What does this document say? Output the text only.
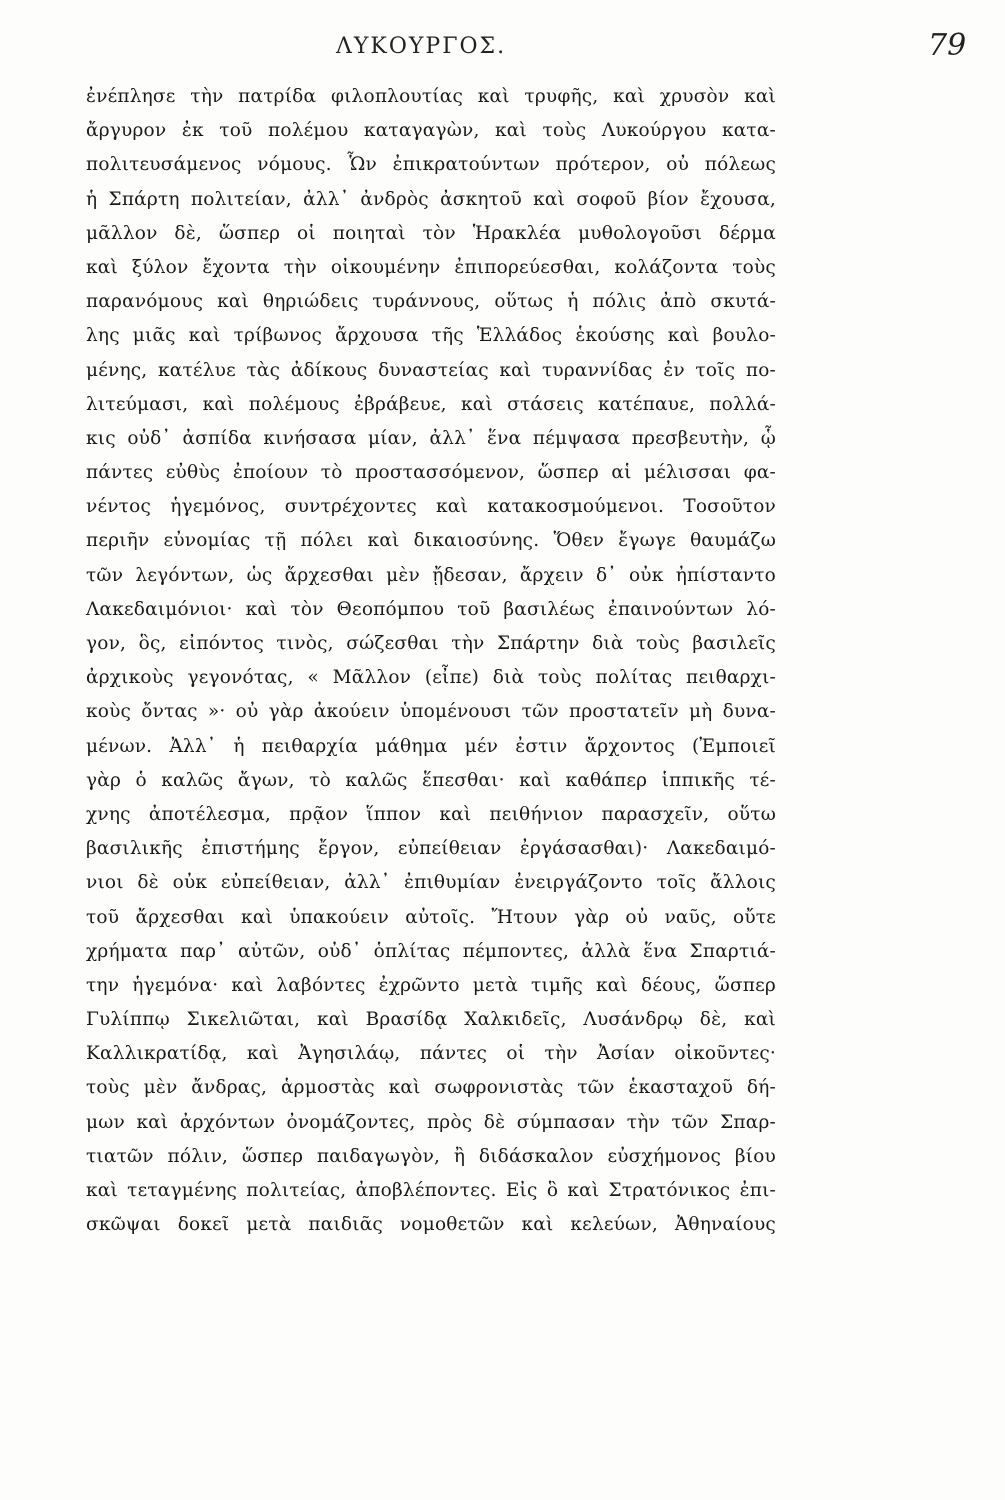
ΛΥΚΟΥΡΓΟΣ.	79
ἐνέπλησε τὴν πατρίδα φιλοπλουτίας καὶ τρυφῆς, καὶ χρυσὸν καὶ
ἄργυρον ἐκ τοῦ πολέμου καταγαγὼν, καὶ τοὺς Λυκούργου κατα-
πολιτευσάμενος νόμους. Ὧν ἐπικρατούντων πρότερον, οὐ πόλεως
ἡ Σπάρτη πολιτείαν, ἀλλ᾽ ἀνδρὸς ἀσκητοῦ καὶ σοφοῦ βίον ἔχουσα,
μᾶλλον δὲ, ὥσπερ οἱ ποιηταὶ τὸν Ἡρακλέα μυθολογοῦσι δέρμα
καὶ ξύλον ἔχοντα τὴν οἰκουμένην ἐπιπορεύεσθαι, κολάζοντα τοὺς
παρανόμους καὶ θηριώδεις τυράννους, οὕτως ἡ πόλις ἀπὸ σκυτά-
λης μιᾶς καὶ τρίβωνος ἄρχουσα τῆς Ἑλλάδος ἑκούσης καὶ βουλο-
μένης, κατέλυε τὰς ἀδίκους δυναστείας καὶ τυραννίδας ἐν τοῖς πο-
λιτεύμασι, καὶ πολέμους ἐβράβευε, καὶ στάσεις κατέπαυε, πολλά-
κις οὐδ᾽ ἀσπίδα κινήσασα μίαν, ἀλλ᾽ ἕνα πέμψασα πρεσβευτὴν, ᾧ
πάντες εὐθὺς ἐποίουν τὸ προστασσόμενον, ὥσπερ αἱ μέλισσαι φα-
νέντος ἡγεμόνος, συντρέχοντες καὶ κατακοσμούμενοι. Τοσοῦτον
περιῆν εὐνομίας τῇ πόλει καὶ δικαιοσύνης. Ὅθεν ἔγωγε θαυμάζω
τῶν λεγόντων, ὡς ἄρχεσθαι μὲν ᾔδεσαν, ἄρχειν δ᾽ οὐκ ἠπίσταντο
Λακεδαιμόνιοι· καὶ τὸν Θεοπόμπου τοῦ βασιλέως ἐπαινούντων λό-
γον, ὃς, εἰπόντος τινὸς, σώζεσθαι τὴν Σπάρτην διὰ τοὺς βασιλεῖς
ἀρχικοὺς γεγονότας, « Μᾶλλον (εἶπε) διὰ τοὺς πολίτας πειθαρχι-
κοὺς ὄντας »· οὐ γὰρ ἀκούειν ὑπομένουσι τῶν προστατεῖν μὴ δυνα-
μένων. Ἀλλ᾽ ἡ πειθαρχία μάθημα μέν ἐστιν ἄρχοντος (Ἐμποιεῖ
γὰρ ὁ καλῶς ἄγων, τὸ καλῶς ἕπεσθαι· καὶ καθάπερ ἱππικῆς τέ-
χνης ἀποτέλεσμα, πρᾷον ἵππον καὶ πειθήνιον παρασχεῖν, οὕτω
βασιλικῆς ἐπιστήμης ἔργον, εὐπείθειαν ἐργάσασθαι)· Λακεδαιμό-
νιοι δὲ οὐκ εὐπείθειαν, ἀλλ᾽ ἐπιθυμίαν ἐνειργάζοντο τοῖς ἄλλοις
τοῦ ἄρχεσθαι καὶ ὑπακούειν αὐτοῖς. Ἤτουν γὰρ οὐ ναῦς, οὔτε
χρήματα παρ᾽ αὐτῶν, οὐδ᾽ ὁπλίτας πέμποντες, ἀλλὰ ἕνα Σπαρτιά-
την ἡγεμόνα· καὶ λαβόντες ἐχρῶντο μετὰ τιμῆς καὶ δέους, ὥσπερ
Γυλίππῳ Σικελιῶται, καὶ Βρασίδᾳ Χαλκιδεῖς, Λυσάνδρῳ δὲ, καὶ
Καλλικρατίδᾳ, καὶ Ἀγησιλάῳ, πάντες οἱ τὴν Ἀσίαν οἰκοῦντες·
τοὺς μὲν ἄνδρας, ἁρμοστὰς καὶ σωφρονιστὰς τῶν ἑκασταχοῦ δή-
μων καὶ ἀρχόντων ὀνομάζοντες, πρὸς δὲ σύμπασαν τὴν τῶν Σπαρ-
τιατῶν πόλιν, ὥσπερ παιδαγωγὸν, ἢ διδάσκαλον εὐσχήμονος βίου
καὶ τεταγμένης πολιτείας, ἀποβλέποντες. Εἰς ὃ καὶ Στρατόνικος ἐπι-
σκῶψαι δοκεῖ μετὰ παιδιᾶς νομοθετῶν καὶ κελεύων, Ἀθηναίους
